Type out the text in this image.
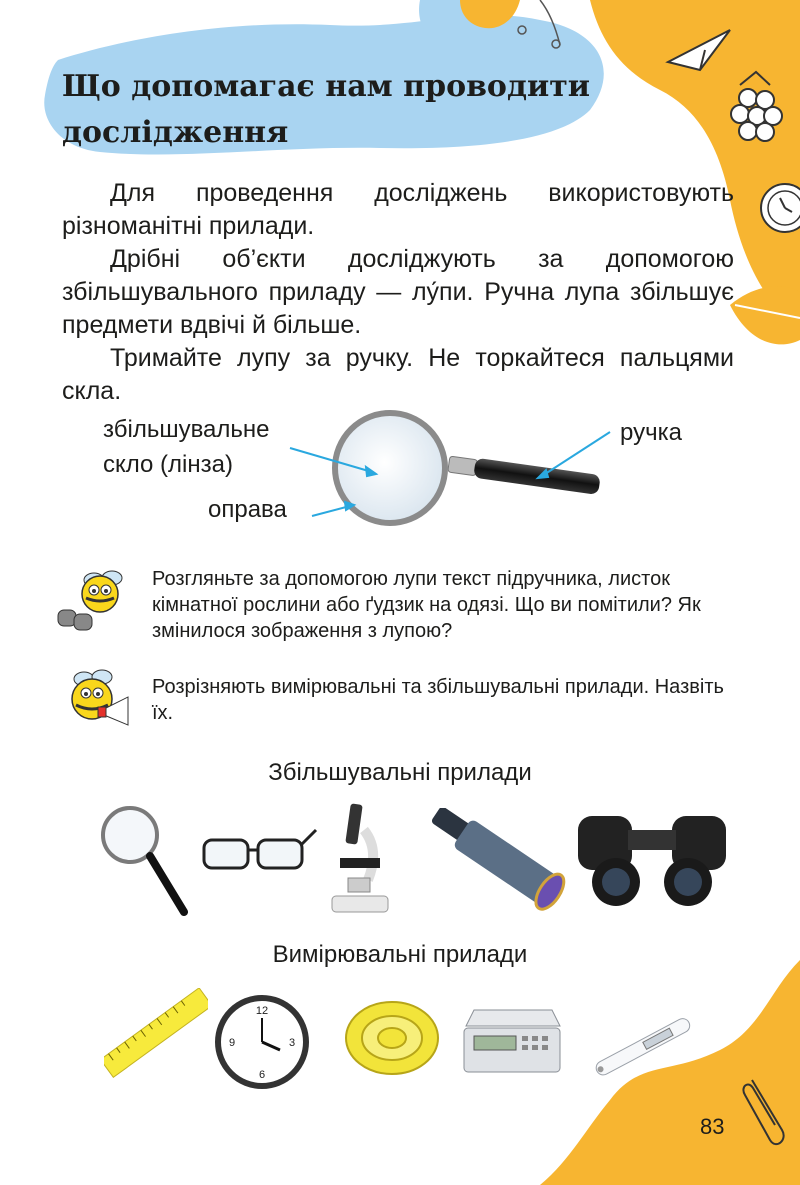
Що допомагає нам проводити дослідження
Для проведення досліджень використовують різноманітні прилади.
Дрібні об’єкти досліджують за допомогою збільшувального приладу — лу́пи. Ручна лупа збільшує предмети вдвічі й більше.
Тримайте лупу за ручку. Не торкайтеся пальцями скла.
збільшувальне
скло (лінза)
оправа
ручка
Розгляньте за допомогою лупи текст підручника, листок кімнатної рослини або ґудзик на одязі. Що ви помітили? Як змінилося зображення з лупою?
Розрізняють вимірювальні та збільшувальні прилади. Назвіть їх.
Збільшувальні прилади
Вимірювальні прилади
12
3
6
9
83
